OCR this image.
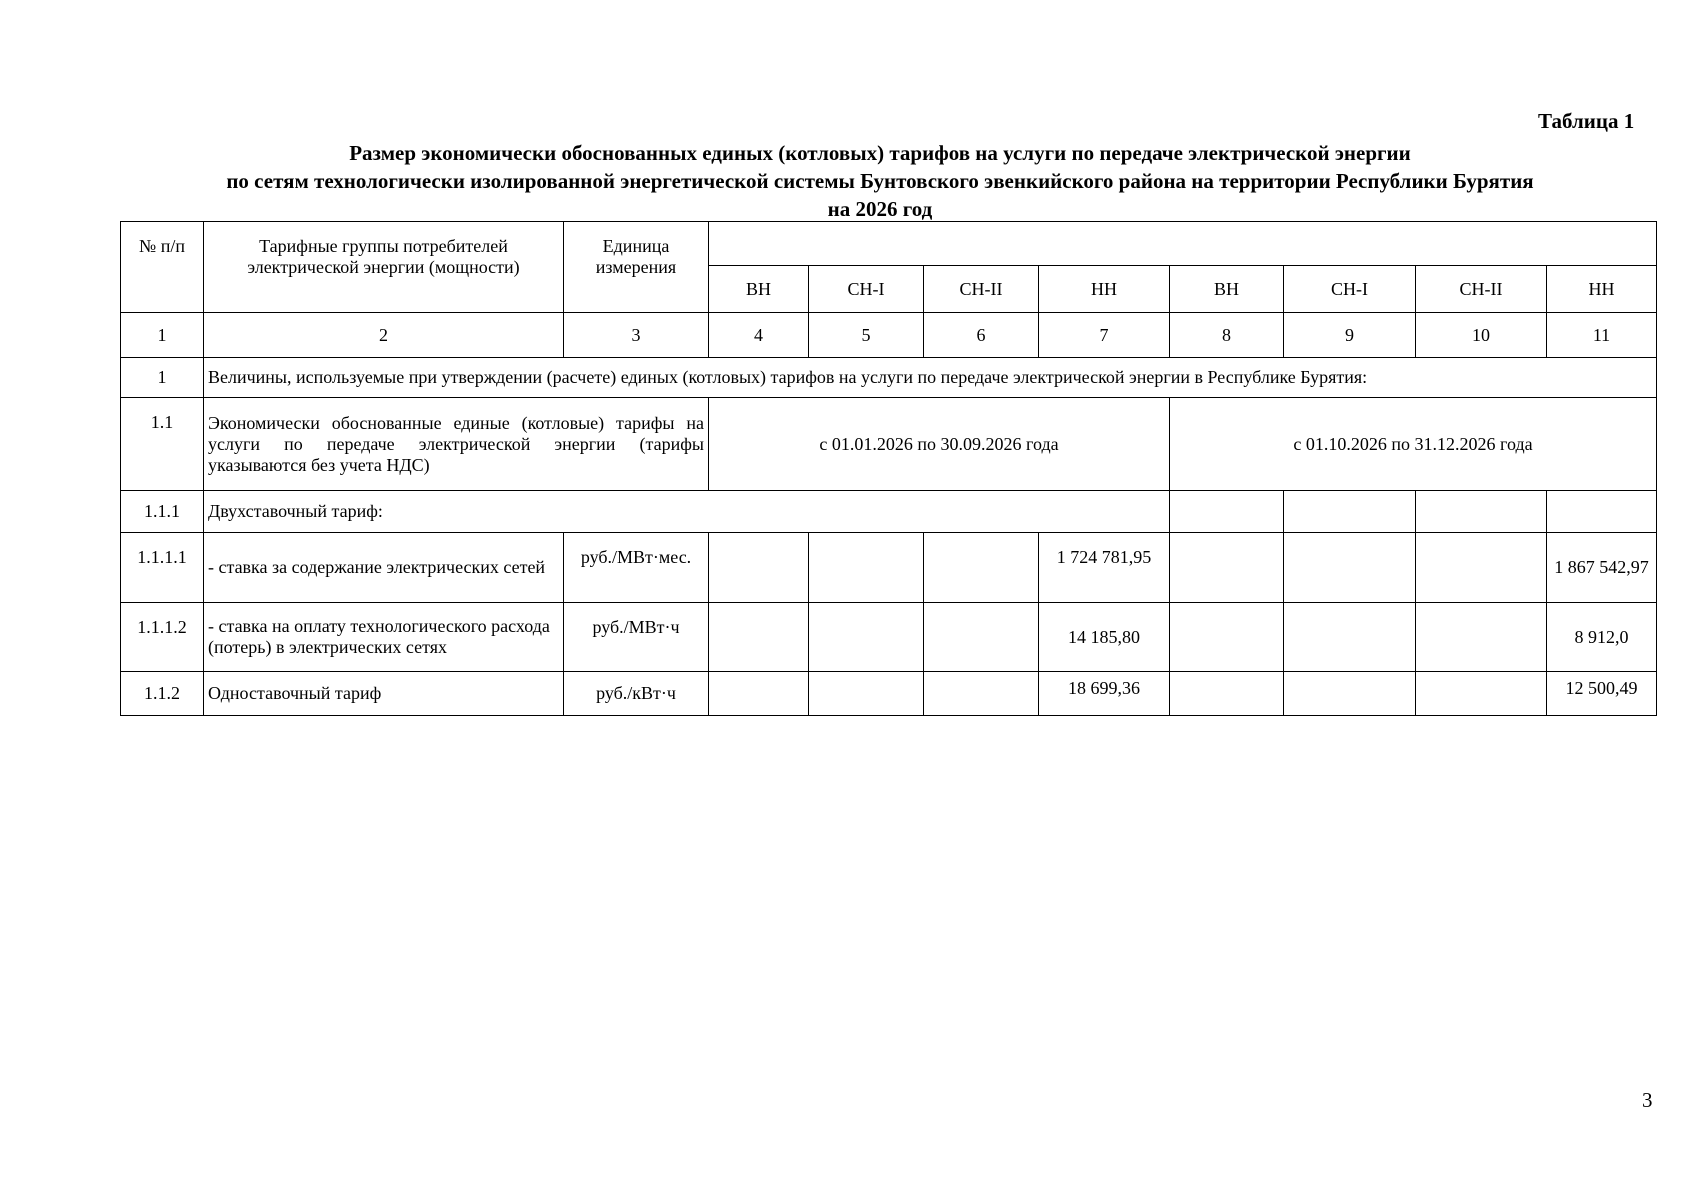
Таблица 1
Размер экономически обоснованных единых (котловых) тарифов на услуги по передаче электрической энергии
по сетям технологически изолированной энергетической системы Бунтовского эвенкийского района на территории Республики Бурятия
на 2026 год
№ п/п	Тарифные группы потребителей электрической энергии (мощности)	Единица измерения								
			ВН	СН-I	СН-II	НН	ВН	СН-I	СН-II	НН
1	2	3	4	5	6	7	8	9	10	11
1	Величины, используемые при утверждении (расчете) единых (котловых) тарифов на услуги по передаче электрической энергии в Республике Бурятия:									
1.1	Экономически обоснованные единые (котловые) тарифы на услуги по передаче электрической энергии (тарифы указываются без учета НДС)		с 01.01.2026 по 30.09.2026 года				с 01.10.2026 по 31.12.2026 года			
1.1.1	Двухставочный тариф:									
1.1.1.1	- ставка за содержание электрических сетей	руб./МВт·мес.				1 724 781,95				1 867 542,97
1.1.1.2	- ставка на оплату технологического расхода (потерь) в электрических сетях	руб./МВт·ч				14 185,80				8 912,0
1.1.2	Одноставочный тариф	руб./кВт·ч				18 699,36				12 500,49
3
